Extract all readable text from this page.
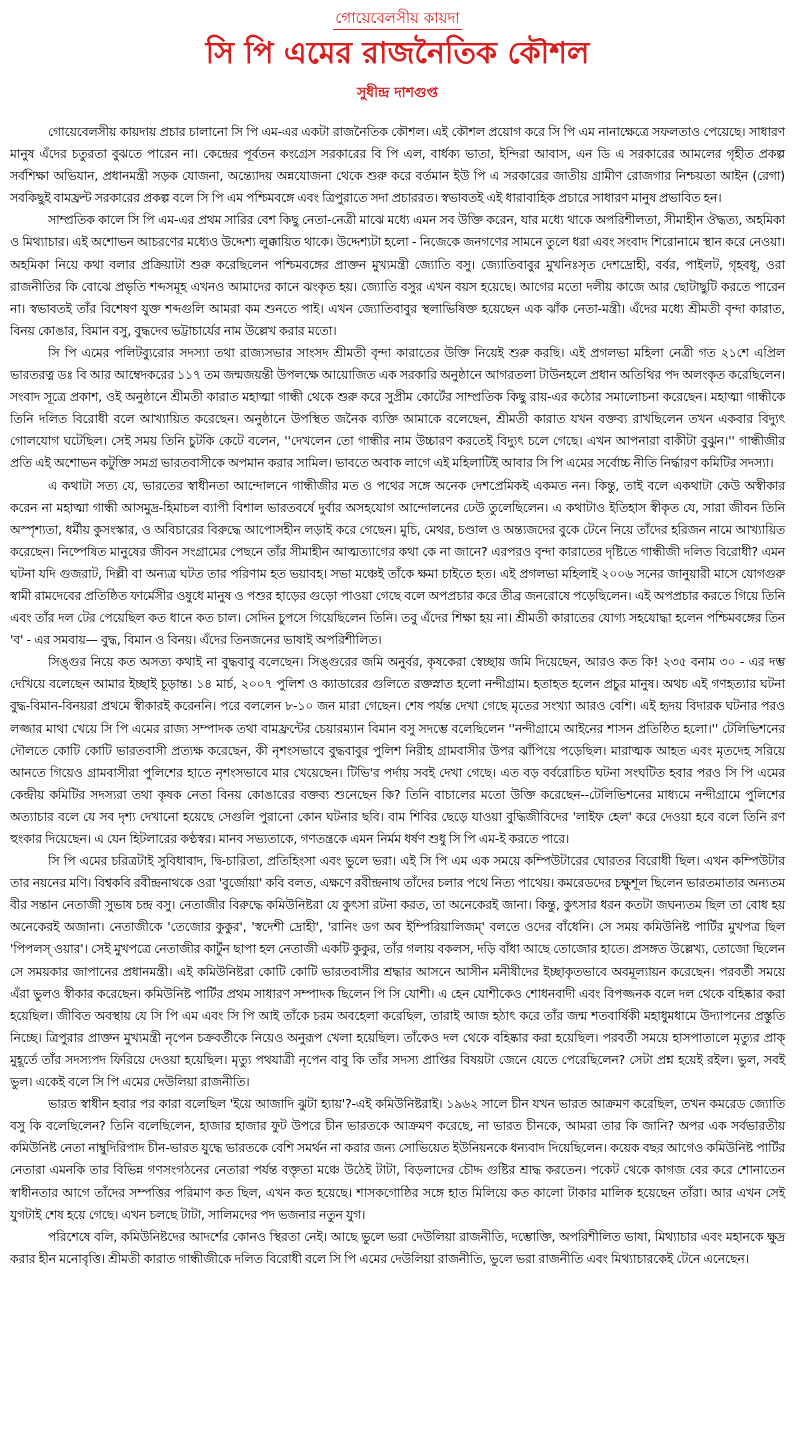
গোয়েবেলসীয় কায়দা
সি পি এমের রাজনৈতিক কৌশল
সুধীন্দ্র দাশগুপ্ত

গোয়েবেলসীয় কায়দায় প্রচার চালানো সি পি এম-এর একটা রাজনৈতিক কৌশল। এই কৌশল প্রয়োগ করে সি পি এম নানাক্ষেত্রে সফলতাও পেয়েছে। সাধারণ মানুষ এঁদের চতুরতা বুঝতে পারেন না। কেন্দ্রের পূর্বতন কংগ্রেস সরকারের বি পি এল, বার্ধক্য ভাতা, ইন্দিরা আবাস, এন ডি এ সরকারের আমলের গৃহীত প্রকল্প সর্বশিক্ষা অভিযান, প্রধানমন্ত্রী সড়ক যোজনা, অন্ত্যোদয় অন্নযোজনা থেকে শুরু করে বর্তমান ইউ পি এ সরকারের জাতীয় গ্রামীণ রোজগার নিশ্চয়তা আইন (রেগা) সবকিছুই বামফ্রন্ট সরকারের প্রকল্প বলে সি পি এম পশ্চিমবঙ্গে এবং ত্রিপুরাতে সদা প্রচাররত। স্বভাবতই এই ধারাবাহিক প্রচারে সাধারণ মানুষ প্রভাবিত হন।

সাম্প্রতিক কালে সি পি এম-এর প্রথম সারির বেশ কিছু নেতা-নেত্রী মাঝে মধ্যে এমন সব উক্তি করেন, যার মধ্যে থাকে অপরিশীলতা, সীমাহীন ঔদ্ধত্য, অহমিকা ও মিথ্যাচার। এই অশোভন আচরণের মধ্যেও উদ্দেশ্য লুক্কায়িত থাকে। উদ্দেশ্যটা হলো - নিজেকে জনগণের সামনে তুলে ধরা এবং সংবাদ শিরোনামে স্থান করে নেওয়া। অহমিকা নিয়ে কথা বলার প্রক্রিয়াটা শুরু করেছিলেন পশ্চিমবঙ্গের প্রাক্তন মুখ্যমন্ত্রী জ্যোতি বসু। জ্যোতিবাবুর মুখনিঃসৃত দেশদ্রোহী, বর্বর, পাইলট, গৃহবধূ, ওরা রাজনীতির কি বোঝে প্রভৃতি শব্দসমূহ এখনও আমাদের কানে ঝংকৃত হয়। জ্যোতি বসুর এখন বয়স হয়েছে। আগের মতো দলীয় কাজে আর ছোটাছুটি করতে পারেন না। স্বভাবতই তাঁর বিশেষণ যুক্ত শব্দগুলি আমরা কম শুনতে পাই। এখন জ্যোতিবাবুর স্থলাভিষিক্ত হয়েছেন এক ঝাঁক নেতা-মন্ত্রী। এঁদের মধ্যে শ্রীমতী বৃন্দা কারাত, বিনয় কোঙার, বিমান বসু, বুদ্ধদেব ভট্টাচার্যের নাম উল্লেখ করার মতো।

সি পি এমের পলিটব্যুরোর সদস্যা তথা রাজ্যসভার সাংসদ শ্রীমতী বৃন্দা কারাতের উক্তি নিয়েই শুরু করছি। এই প্রগলভা মহিলা নেত্রী গত ২১শে এপ্রিল ভারতরত্ন ডঃ বি আর আম্বেদকরের ১১৭ তম জন্মজয়ন্তী উপলক্ষে আয়োজিত এক সরকারি অনুষ্ঠানে আগরতলা টাউনহলে প্রধান অতিথির পদ অলংকৃত করেছিলেন। সংবাদ সূত্রে প্রকাশ, ওই অনুষ্ঠানে শ্রীমতী কারাত মহাত্মা গান্ধী থেকে শুরু করে সুপ্রীম কোর্টের সাম্প্রতিক কিছু রায়-এর কঠোর সমালোচনা করেছেন। মহাত্মা গান্ধীকে তিনি দলিত বিরোধী বলে আখ্যায়িত করেছেন। অনুষ্ঠানে উপস্থিত জনৈক ব্যক্তি আমাকে বলেছেন, শ্রীমতী কারাত যখন বক্তব্য রাখছিলেন তখন একবার বিদ্যুৎ গোলযোগ ঘটেছিল। সেই সময় তিনি চুটকি কেটে বলেন, ''দেখলেন তো গান্ধীর নাম উচ্চারণ করতেই বিদ্যুৎ চলে গেছে। এখন আপনারা বাকীটা বুঝুন।'' গান্ধীজীর প্রতি এই অশোভন কটুক্তি সমগ্র ভারতবাসীকে অপমান করার সামিল। ভাবতে অবাক লাগে এই মহিলাটিই আবার সি পি এমের সর্বোচ্চ নীতি নির্দ্ধারণ কমিটির সদস্যা।

এ কথাটা সত্য যে, ভারতের স্বাধীনতা আন্দোলনে গান্ধীজীর মত ও পথের সঙ্গে অনেক দেশপ্রেমিকই একমত নন। কিন্তু, তাই বলে একথাটা কেউ অস্বীকার করেন না মহাত্মা গান্ধী আসমুদ্র-হিমাচল ব্যাপী বিশাল ভারতবর্ষে দুর্বার অসহযোগ আন্দোলনের ঢেউ তুলেছিলেন। এ কথাটাও ইতিহাস স্বীকৃত যে, সারা জীবন তিনি অস্পৃশ্যতা, ধর্মীয় কুসংস্কার, ও অবিচারের বিরুদ্ধে আপোসহীন লড়াই করে গেছেন। মুচি, মেথর, চণ্ডাল ও অন্ত্যজদের বুকে টেনে নিয়ে তাঁদের হরিজন নামে আখ্যায়িত করেছেন। নিষ্পেষিত মানুষের জীবন সংগ্রামের পেছনে তাঁর সীমাহীন আত্মত্যাগের কথা কে না জানে? এরপরও বৃন্দা কারাতের দৃষ্টিতে গান্ধীজী দলিত বিরোধী? এমন ঘটনা যদি গুজরাট, দিল্লী বা অন্যত্র ঘটত তার পরিণাম হত ভয়াবহ। সভা মঞ্চেই তাঁকে ক্ষমা চাইতে হত। এই প্রগলভা মহিলাই ২০০৬ সনের জানুয়ারী মাসে যোগগুরু স্বামী রামদেবের প্রতিষ্ঠিত ফার্মেসীর ওষুধে মানুষ ও পশুর হাড়ের গুড়ো পাওয়া গেছে বলে অপপ্রচার করে তীব্র জনরোষে পড়েছিলেন। এই অপপ্রচার করতে গিয়ে তিনি এবং তাঁর দল টের পেয়েছিল কত ধানে কত চাল। সেদিন চুপসে গিয়েছিলেন তিনি। তবু এঁদের শিক্ষা হয় না। শ্রীমতী কারাতের যোগ্য সহযোদ্ধা হলেন পশ্চিমবঙ্গের তিন 'ব' - এর সমবায়— বুদ্ধ, বিমান ও বিনয়। এঁদের তিনজনের ভাষাই অপরিশীলিত।

সিঙ্গুর নিয়ে কত অসত্য কথাই না বুদ্ধবাবু বলেছেন। সিঙ্গুরের জমি অনুর্বর, কৃষকেরা স্বেচ্ছায় জমি দিয়েছেন, আরও কত কি! ২৩৫ বনাম ৩০ - এর দম্ভ দেখিয়ে বলেছেন আমার ইচ্ছাই চূড়ান্ত। ১৪ মার্চ, ২০০৭ পুলিশ ও ক্যাডারের গুলিতে রক্তস্নাত হলো নন্দীগ্রাম। হতাহত হলেন প্রচুর মানুষ। অথচ এই গণহত্যার ঘটনা বুদ্ধ-বিমান-বিনয়রা প্রথমে স্বীকারই করেননি। পরে বললেন ৮-১০ জন মারা গেছেন। শেষ পর্যন্ত দেখা গেছে মৃতের সংখ্যা আরও বেশি। এই হৃদয় বিদারক ঘটনার পরও লজ্জার মাথা খেয়ে সি পি এমের রাজ্য সম্পাদক তথা বামফ্রন্টের চেয়ারম্যান বিমান বসু সদম্ভে বলেছিলেন ''নন্দীগ্রামে আইনের শাসন প্রতিষ্ঠিত হলো।'' টেলিভিশনের দৌলতে কোটি কোটি ভারতবাসী প্রত্যক্ষ করেছেন, কী নৃশংসভাবে বুদ্ধবাবুর পুলিশ নিরীহ গ্রামবাসীর উপর ঝাঁপিয়ে পড়েছিল। মারাত্মক আহত এবং মৃতদেহ সরিয়ে আনতে গিয়েও গ্রামবাসীরা পুলিশের হাতে নৃশংসভাবে মার খেয়েছেন। টিভি'র পর্দায় সবই দেখা গেছে। এত বড় বর্বরোচিত ঘটনা সংঘটিত হবার পরও সি পি এমের কেন্দ্রীয় কমিটির সদস্যরা তথা কৃষক নেতা বিনয় কোঙারের বক্তব্য শুনেছেন কি? তিনি বাচালের মতো উক্তি করেছেন--টেলিভিশনের মাধ্যমে নন্দীগ্রামে পুলিশের অত্যাচার বলে যে সব দৃশ্য দেখানো হয়েছে সেগুলি পুরানো কোন ঘটনার ছবি। বাম শিবির ছেড়ে যাওয়া বুদ্ধিজীবিদের 'লাইফ হেল' করে দেওয়া হবে বলে তিনি রণ হুংকার দিয়েছেন। এ যেন হিটলারের কণ্ঠস্বর। মানব সভ্যতাকে, গণতন্ত্রকে এমন নির্মম ধর্ষণ শুধু সি পি এম-ই করতে পারে।

সি পি এমের চরিত্রটাই সুবিধাবাদ, দ্বি-চারিতা, প্রতিহিংসা এবং ভুলে ভরা। এই সি পি এম এক সময়ে কম্পিউটারের ঘোরতর বিরোধী ছিল। এখন কম্পিউটার তার নয়নের মণি। বিশ্বকবি রবীন্দ্রনাথকে ওরা 'বুর্জোয়া' কবি বলত, এক্ষণে রবীন্দ্রনাথ তাঁদের চলার পথে নিত্য পাথেয়। কমরেডদের চক্ষুশূল ছিলেন ভারতমাতার অন্যতম বীর সন্তান নেতাজী সুভাষ চন্দ্র বসু। নেতাজীর বিরুদ্ধে কমিউনিষ্টরা যে কুৎসা রটনা করত, তা অনেকেরই জানা। কিন্তু, কুৎসার ধরন কতটা জঘন্যতম ছিল তা বোধ হয় অনেকেরই অজানা। নেতাজীকে 'তেজোর কুকুর', 'স্বদেশী দ্রোহী', 'রানিং ডগ অব ইম্পিরিয়ালিজম্' বলতে ওদের বাঁধেনি। সে সময় কমিউনিষ্ট পার্টির মুখপত্র ছিল 'পিপলস্ ওয়ার'। সেই মুখপত্রে নেতাজীর কার্টুন ছাপা হল নেতাজী একটি কুকুর, তাঁর গলায় বকলস, দড়ি বাঁধা আছে তোজোর হাতে। প্রসঙ্গত উল্লেখ্য, তোজো ছিলেন সে সময়কার জাপানের প্রধানমন্ত্রী। এই কমিউনিষ্টরা কোটি কোটি ভারতবাসীর শ্রদ্ধার আসনে আসীন মনীষীদের ইচ্ছাকৃতভাবে অবমূল্যায়ন করেছেন। পরবর্তী সময়ে এঁরা ভুলও স্বীকার করেছেন। কমিউনিষ্ট পার্টির প্রথম সাধারণ সম্পাদক ছিলেন পি সি যোশী। এ হেন যোশীকেও শোধনবাদী এবং বিপজ্জনক বলে দল থেকে বহিষ্কার করা হয়েছিল। জীবিত অবস্থায় যে সি পি এম এবং সি পি আই তাঁকে চরম অবহেলা করেছিল, তারাই আজ হঠাৎ করে তাঁর জন্ম শতবার্ষিকী মহাধুমধামে উদ্যাপনের প্রস্তুতি নিচ্ছে। ত্রিপুরার প্রাক্তন মুখ্যমন্ত্রী নৃপেন চক্রবর্তীকে নিয়েও অনুরূপ খেলা হয়েছিল। তাঁকেও দল থেকে বহিষ্কার করা হয়েছিল। পরবর্তী সময়ে হাসপাতালে মৃত্যুর প্রাক্ মুহূর্তে তাঁর সদস্যপদ ফিরিয়ে দেওয়া হয়েছিল। মৃত্যু পথযাত্রী নৃপেন বাবু কি তাঁর সদস্য প্রাপ্তির বিষয়টা জেনে যেতে পেরেছিলেন? সেটা প্রশ্ন হয়েই রইল। ভুল, সবই ভুল। একেই বলে সি পি এমের দেউলিয়া রাজনীতি।

ভারত স্বাধীন হবার পর কারা বলেছিল 'ইয়ে আজাদি ঝুটা হ্যায়'?-এই কমিউনিষ্টরাই। ১৯৬২ সালে চীন যখন ভারত আক্রমণ করেছিল, তখন কমরেড জ্যোতি বসু কি বলেছিলেন? তিনি বলেছিলেন, হাজার হাজার ফুট উপরে চীন ভারতকে আক্রমণ করেছে, না ভারত চীনকে, আমরা তার কি জানি? অপর এক সর্বভারতীয় কমিউনিষ্ট নেতা নাম্বুদিরিপাদ চীন-ভারত যুদ্ধে ভারতকে বেশি সমর্থন না করার জন্য সোভিয়েত ইউনিয়নকে ধন্যবাদ দিয়েছিলেন। কয়েক বছর আগেও কমিউনিষ্ট পার্টির নেতারা এমনকি তার বিভিন্ন গণসংগঠনের নেতারা পর্যন্ত বক্তৃতা মঞ্চে উঠেই টাটা, বিড়লাদের চৌদ্দ গুষ্টির শ্রাদ্ধ করতেন। পকেট থেকে কাগজ বের করে শোনাতেন স্বাধীনতার আগে তাঁদের সম্পত্তির পরিমাণ কত ছিল, এখন কত হয়েছে। শাসকগোষ্ঠির সঙ্গে হাত মিলিয়ে কত কালো টাকার মালিক হয়েছেন তাঁরা। আর এখন সেই যুগটাই শেষ হয়ে গেছে। এখন চলছে টাটা, সালিমদের পদ ভজনার নতুন যুগ।

পরিশেষে বলি, কমিউনিষ্টদের আদর্শের কোনও স্থিরতা নেই। আছে ভুলে ভরা দেউলিয়া রাজনীতি, দম্ভোক্তি, অপরিশীলিত ভাষা, মিথ্যাচার এবং মহানকে ক্ষুদ্র করার হীন মনোবৃত্তি। শ্রীমতী কারাত গান্ধীজীকে দলিত বিরোধী বলে সি পি এমের দেউলিয়া রাজনীতি, ভুলে ভরা রাজনীতি এবং মিথ্যাচারকেই টেনে এনেছেন।
